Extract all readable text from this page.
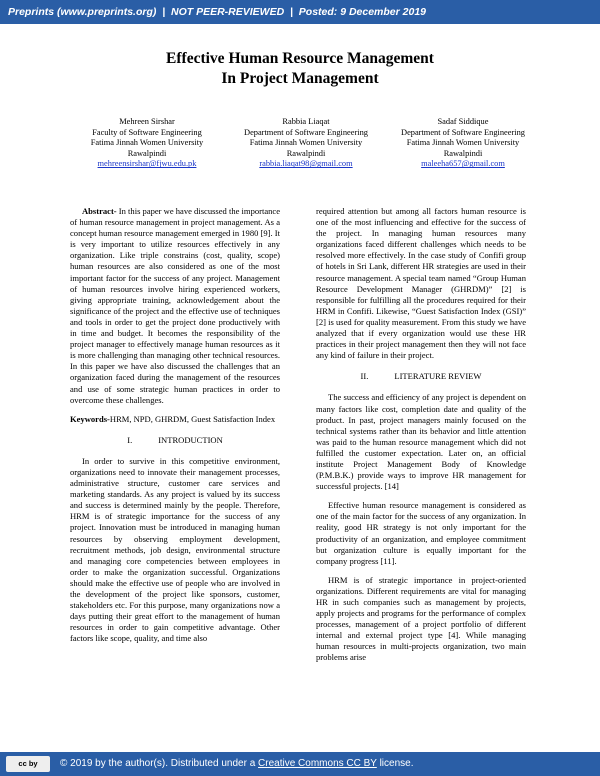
Preprints (www.preprints.org)  |  NOT PEER-REVIEWED  |  Posted: 9 December 2019
Effective Human Resource Management
In Project Management
Mehreen Sirshar
Faculty of Software Engineering
Fatima Jinnah Women University
Rawalpindi
mehreensirshar@fjwu.edu.pk
Rabbia Liaqat
Department of Software Engineering
Fatima Jinnah Women University
Rawalpindi
rabbia.liaqat98@gmail.com
Sadaf Siddique
Department of Software Engineering
Fatima Jinnah Women University
Rawalpindi
maleeha657@gmail.com

Abstract- In this paper we have discussed the importance of human resource management in project management. As a concept human resource management emerged in 1980 [9]. It is very important to utilize resources effectively in any organization. Like triple constrains (cost, quality, scope) human resources are also considered as one of the most important factor for the success of any project. Management of human resources involve hiring experienced workers, giving appropriate training, acknowledgement about the significance of the project and the effective use of techniques and tools in order to get the project done productively with in time and budget. It becomes the responsibility of the project manager to effectively manage human resources as it is more challenging than managing other technical resources. In this paper we have also discussed the challenges that an organization faced during the management of the resources and use of some strategic human practices in order to overcome these challenges.

Keywords-HRM, NPD, GHRDM, Guest Satisfaction Index

I.	INTRODUCTION

In order to survive in this competitive environment, organizations need to innovate their management processes, administrative structure, customer care services and marketing standards. As any project is valued by its success and success is determined mainly by the people. Therefore, HRM is of strategic importance for the success of any project. Innovation must be introduced in managing human resources by observing employment development, recruitment methods, job design, environmental structure and managing core competencies between employees in order to make the organization successful. Organizations should make the effective use of people who are involved in the development of the project like sponsors, customer, stakeholders etc. For this purpose, many organizations now a days putting their great effort to the management of human resources in order to gain competitive advantage. Other factors like scope, quality, and time also

required attention but among all factors human resource is one of the most influencing and effective for the success of the project. In managing human resources many organizations faced different challenges which needs to be resolved more effectively. In the case study of Confifi group of hotels in Sri Lank, different HR strategies are used in their resource management. A special team named “Group Human Resource Development Manager (GHRDM)” [2] is responsible for fulfilling all the procedures required for their HRM in Confifi. Likewise, “Guest Satisfaction Index (GSI)” [2] is used for quality measurement. From this study we have analyzed that if every organization would use these HR practices in their project management then they will not face any kind of failure in their project.

II.	LITERATURE REVIEW

The success and efficiency of any project is dependent on many factors like cost, completion date and quality of the product. In past, project managers mainly focused on the technical systems rather than its behavior and little attention was paid to the human resource management which did not fulfilled the customer expectation. Later on, an official institute Project Management Body of Knowledge (P.M.B.K.) provide ways to improve HR management for successful projects. [14]

Effective human resource management is considered as one of the main factor for the success of any organization. In reality, good HR strategy is not only important for the productivity of an organization, and employee commitment but organization culture is equally important for the company progress [11].

HRM is of strategic importance in project-oriented organizations. Different requirements are vital for managing HR in such companies such as management by projects, apply projects and programs for the performance of complex processes, management of a project portfolio of different internal and external project type [4]. While managing human resources in multi-projects organization, two main problems arise

cc by	© 2019 by the author(s). Distributed under a Creative Commons CC BY license.
